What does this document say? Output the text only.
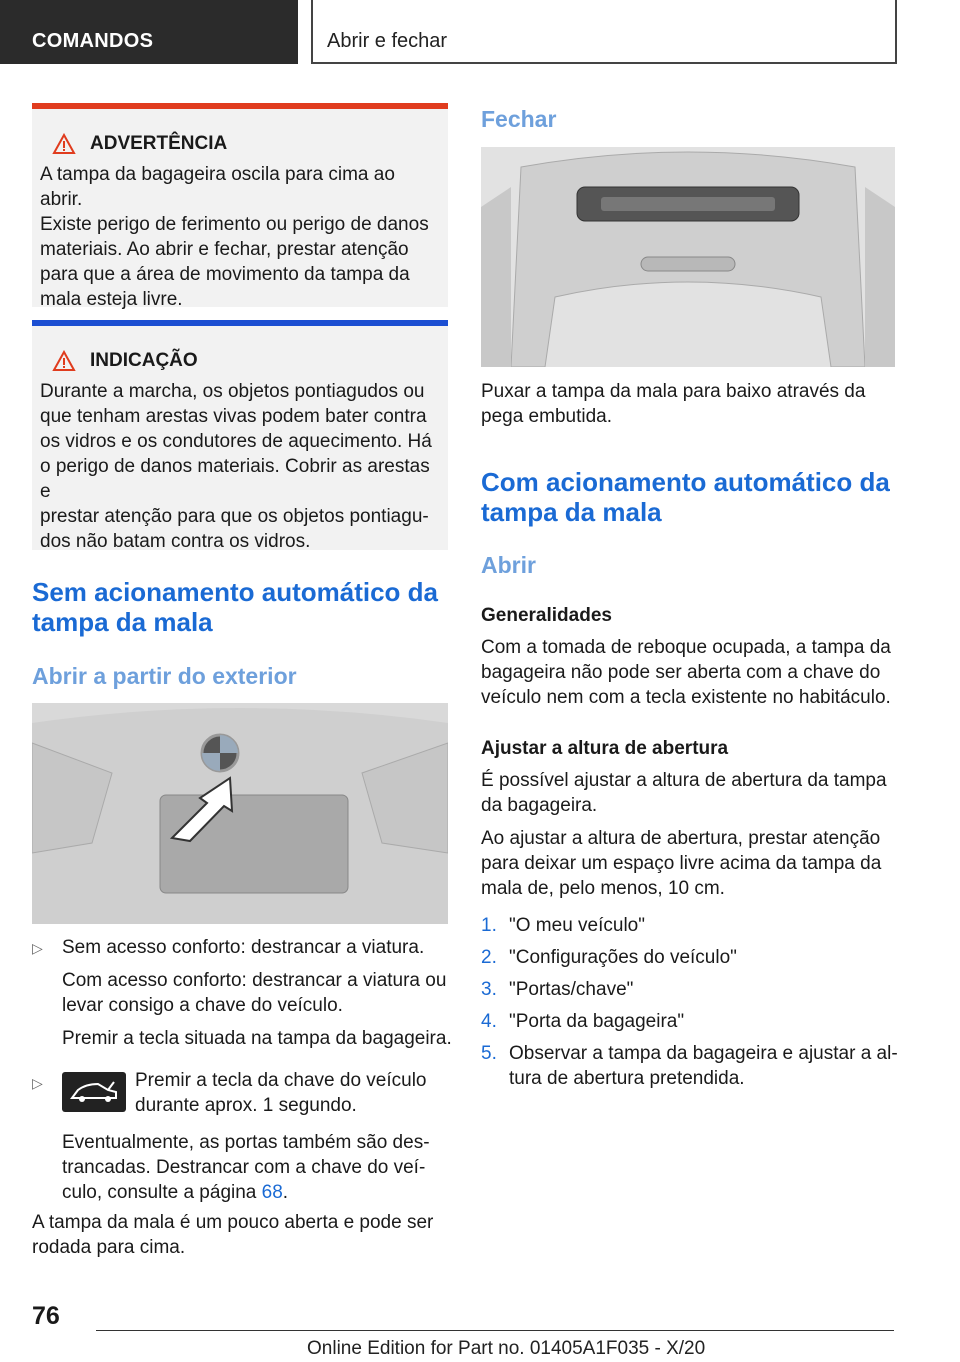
COMANDOS	Abrir e fechar
ADVERTÊNCIA

A tampa da bagageira oscila para cima ao abrir.

Existe perigo de ferimento ou perigo de danos

materiais. Ao abrir e fechar, prestar atenção

para que a área de movimento da tampa da

mala esteja livre.

INDICAÇÃO

Durante a marcha, os objetos pontiagudos ou

que tenham arestas vivas podem bater contra

os vidros e os condutores de aquecimento. Há

o perigo de danos materiais. Cobrir as arestas e

prestar atenção para que os objetos pontiagu-

dos não batam contra os vidros.

Sem acionamento automático da

tampa da mala

Abrir a partir do exterior
▷ Sem acesso conforto: destrancar a viatura.

Com acesso conforto: destrancar a viatura ou

levar consigo a chave do veículo.

Premir a tecla situada na tampa da bagageira.

▷	Premir a tecla da chave do veículo

durante aprox. 1 segundo.

Eventualmente, as portas também são des-

trancadas. Destrancar com a chave do veí-

culo, consulte a página 68.

A tampa da mala é um pouco aberta e pode ser

rodada para cima.

Fechar

Puxar a tampa da mala para baixo através da

pega embutida.

Com acionamento automático da

tampa da mala

Abrir
Generalidades

Com a tomada de reboque ocupada, a tampa da

bagageira não pode ser aberta com a chave do

veículo nem com a tecla existente no habitáculo.

Ajustar a altura de abertura

É possível ajustar a altura de abertura da tampa

da bagageira.

Ao ajustar a altura de abertura, prestar atenção

para deixar um espaço livre acima da tampa da

mala de, pelo menos, 10 cm.

1. "O meu veículo"

2. "Configurações do veículo"

3. "Portas/chave"

4. "Porta da bagageira"

5. Observar a tampa da bagageira e ajustar a al-

tura de abertura pretendida.

76
Online Edition for Part no. 01405A1F035 - X/20
